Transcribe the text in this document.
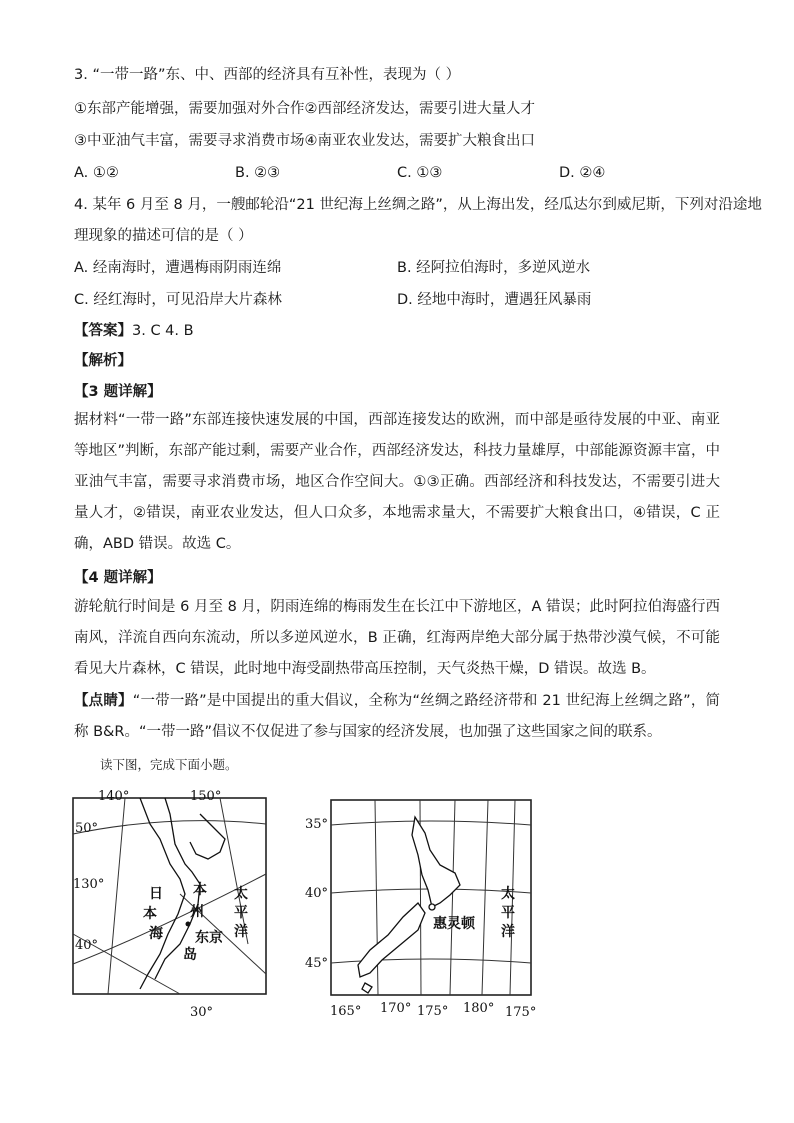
3. “一带一路”东、中、西部的经济具有互补性，表现为（ ）
①东部产能增强，需要加强对外合作②西部经济发达，需要引进大量人才
③中亚油气丰富，需要寻求消费市场④南亚农业发达，需要扩大粮食出口
A. ①②	B. ②③	C. ①③	D. ②④
4. 某年 6 月至 8 月，一艘邮轮沿“21 世纪海上丝绸之路”，从上海出发，经瓜达尔到威尼斯，下列对沿途地
理现象的描述可信的是（ ）
A. 经南海时，遭遇梅雨阴雨连绵	B. 经阿拉伯海时，多逆风逆水
C. 经红海时，可见沿岸大片森林	D. 经地中海时，遭遇狂风暴雨
【答案】3. C 4. B
【解析】
【3 题详解】
据材料“一带一路”东部连接快速发展的中国，西部连接发达的欧洲，而中部是亟待发展的中亚、南亚等地区”判断，东部产能过剩，需要产业合作，西部经济发达，科技力量雄厚，中部能源资源丰富，中亚油气丰富，需要寻求消费市场，地区合作空间大。①③正确。西部经济和科技发达，不需要引进大量人才，②错误，南亚农业发达，但人口众多，本地需求量大，不需要扩大粮食出口，④错误，C 正确，ABD 错误。故选 C。
【4 题详解】
游轮航行时间是 6 月至 8 月，阴雨连绵的梅雨发生在长江中下游地区，A 错误；此时阿拉伯海盛行西南风，洋流自西向东流动，所以多逆风逆水，B 正确，红海两岸绝大部分属于热带沙漠气候，不可能看见大片森林，C 错误，此时地中海受副热带高压控制，天气炎热干燥，D 错误。故选 B。
【点睛】“一带一路”是中国提出的重大倡议，全称为“丝绸之路经济带和 21 世纪海上丝绸之路”，简称 B&R。“一带一路”倡议不仅促进了参与国家的经济发展，也加强了这些国家之间的联系。
读下图，完成下面小题。
140°	150°
30°
50°
130°
40°
日
本
海
本
州
岛
东京
太
平
洋
35°
40°
45°
165° 170° 175° 180° 175°
惠灵顿
太
平
洋
